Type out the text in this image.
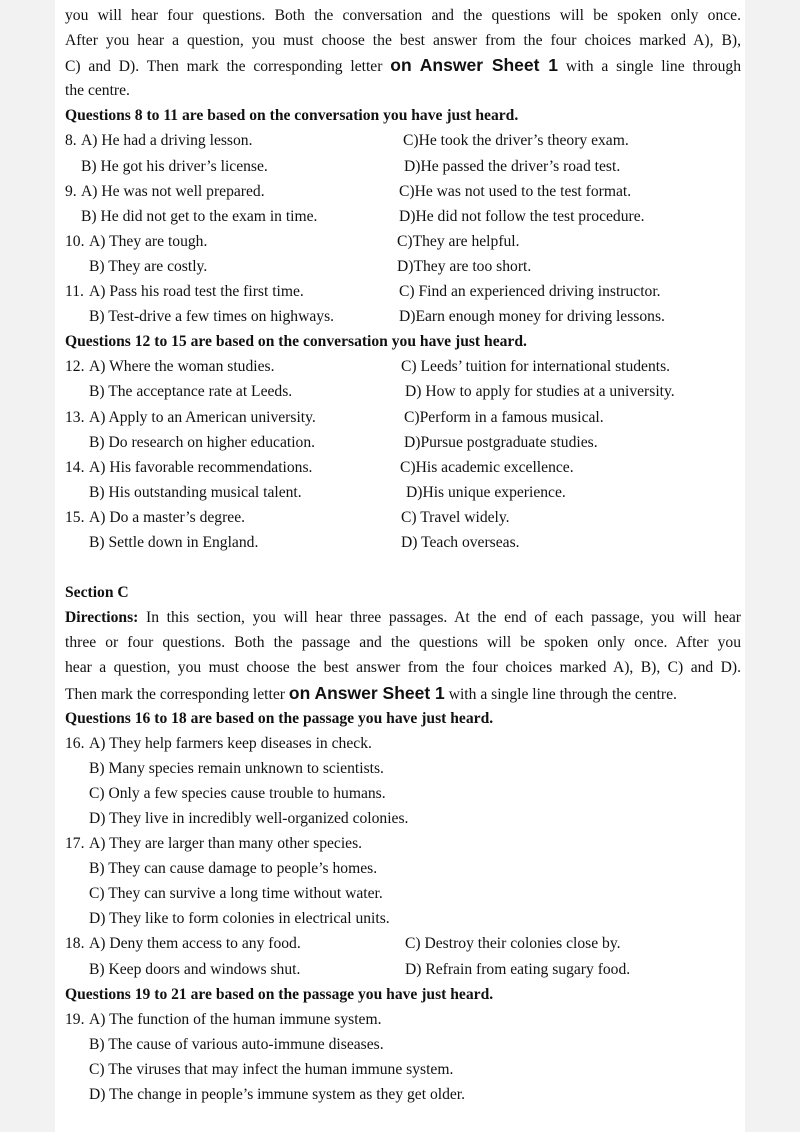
you will hear four questions. Both the conversation and the questions will be spoken only once.
After you hear a question, you must choose the best answer from the four choices marked A), B),
C) and D). Then mark the corresponding letter on Answer Sheet 1 with a single line through
the centre.
Questions 8 to 11 are based on the conversation you have just heard.
8. A) He had a driving lesson.	C)He took the driver’s theory exam.
B) He got his driver’s license.	D)He passed the driver’s road test.
9. A) He was not well prepared.	C)He was not used to the test format.
B) He did not get to the exam in time.	D)He did not follow the test procedure.
10. A) They are tough.	C)They are helpful.
B) They are costly.	D)They are too short.
11. A) Pass his road test the first time.	C) Find an experienced driving instructor.
B) Test-drive a few times on highways.	D)Earn enough money for driving lessons.
Questions 12 to 15 are based on the conversation you have just heard.
12. A) Where the woman studies.	C) Leeds’ tuition for international students.
B) The acceptance rate at Leeds.	D) How to apply for studies at a university.
13. A) Apply to an American university.	C)Perform in a famous musical.
B) Do research on higher education.	D)Pursue postgraduate studies.
14. A) His favorable recommendations.	C)His academic excellence.
B) His outstanding musical talent.	D)His unique experience.
15. A) Do a master’s degree.	C) Travel widely.
B) Settle down in England.	D) Teach overseas.
Section C
Directions: In this section, you will hear three passages. At the end of each passage, you will hear
three or four questions. Both the passage and the questions will be spoken only once. After you
hear a question, you must choose the best answer from the four choices marked A), B), C) and D).
Then mark the corresponding letter on Answer Sheet 1 with a single line through the centre.
Questions 16 to 18 are based on the passage you have just heard.
16. A) They help farmers keep diseases in check.
B) Many species remain unknown to scientists.
C) Only a few species cause trouble to humans.
D) They live in incredibly well-organized colonies.
17. A) They are larger than many other species.
B) They can cause damage to people’s homes.
C) They can survive a long time without water.
D) They like to form colonies in electrical units.
18. A) Deny them access to any food.	C) Destroy their colonies close by.
B) Keep doors and windows shut.	D) Refrain from eating sugary food.
Questions 19 to 21 are based on the passage you have just heard.
19. A) The function of the human immune system.
B) The cause of various auto-immune diseases.
C) The viruses that may infect the human immune system.
D) The change in people’s immune system as they get older.
